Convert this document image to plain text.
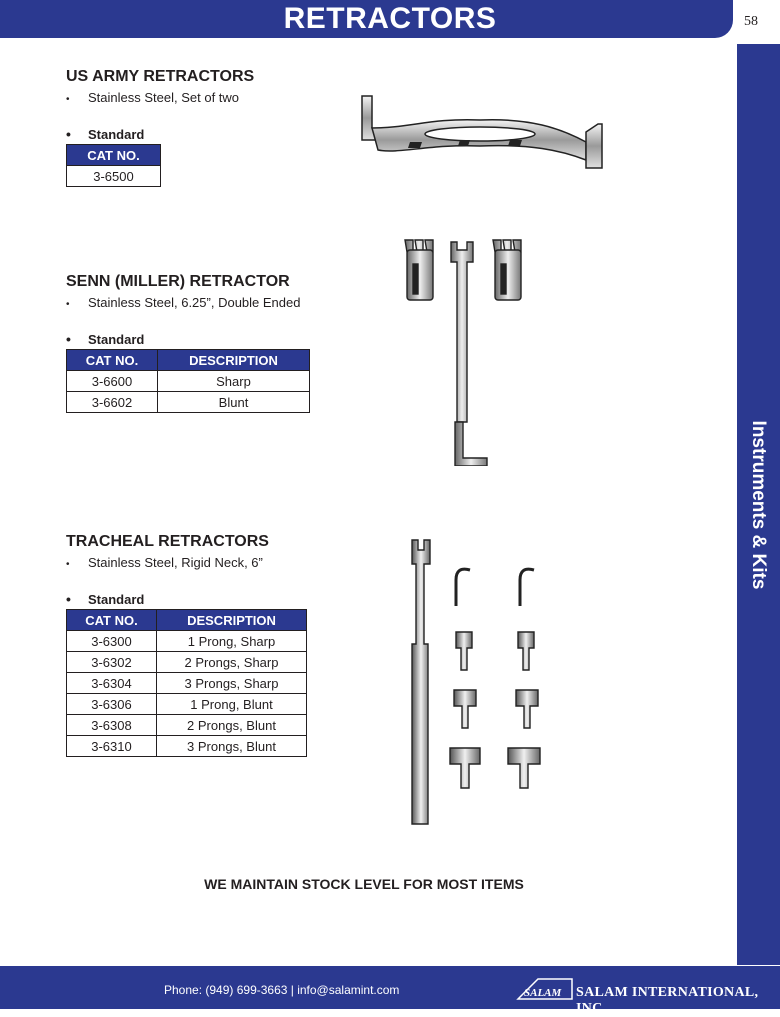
RETRACTORS	58
Instruments & Kits
US ARMY RETRACTORS
• Stainless Steel, Set of two
• Standard
CAT NO.
3-6500
SENN (MILLER) RETRACTOR
• Stainless Steel, 6.25”, Double Ended
• Standard
CAT NO.	DESCRIPTION
3-6600	Sharp
3-6602	Blunt
TRACHEAL RETRACTORS
• Stainless Steel, Rigid Neck, 6”
• Standard
CAT NO.	DESCRIPTION
3-6300	1 Prong, Sharp
3-6302	2 Prongs, Sharp
3-6304	3 Prongs, Sharp
3-6306	1 Prong, Blunt
3-6308	2 Prongs, Blunt
3-6310	3 Prongs, Blunt
WE MAINTAIN STOCK LEVEL FOR MOST ITEMS
Phone: (949) 699-3663 | info@salamint.com	SALAM SALAM INTERNATIONAL, INC.
